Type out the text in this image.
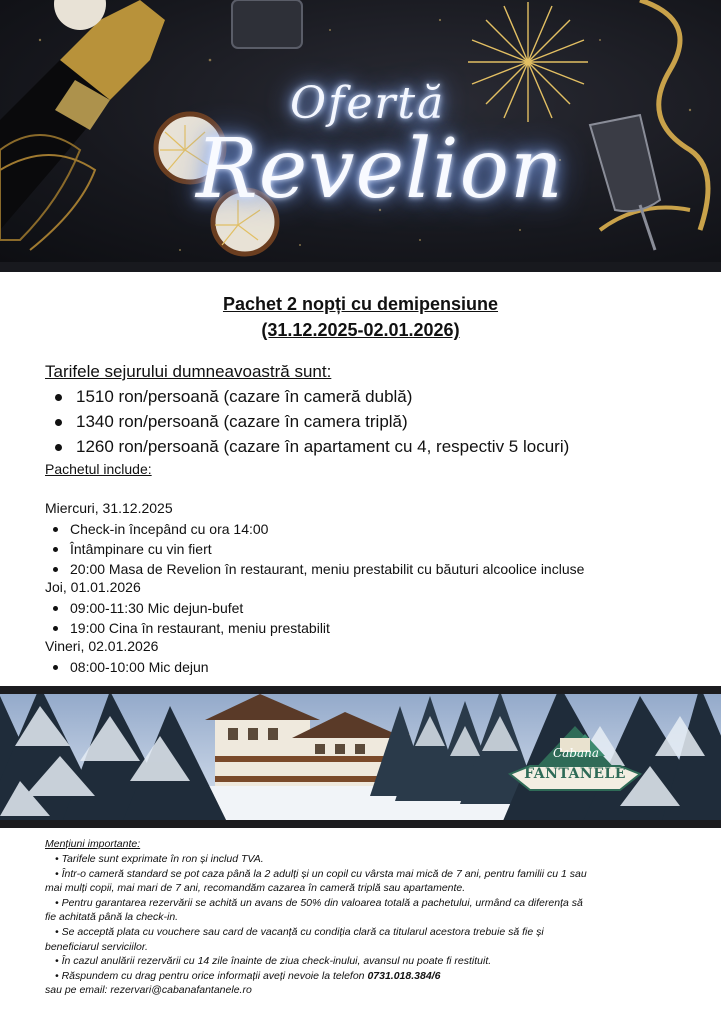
Ofertă
Revelion
Pachet 2 nopți cu demipensiune
(31.12.2025-02.01.2026)
Tarifele sejurului dumneavoastră sunt:
1510 ron/persoană (cazare în cameră dublă)
1340 ron/persoană (cazare în camera triplă)
1260 ron/persoană (cazare în apartament cu 4, respectiv 5 locuri)
Pachetul include:
Miercuri, 31.12.2025
Check-in începând cu ora 14:00
Întâmpinare cu vin fiert
20:00 Masa de Revelion în restaurant, meniu prestabilit cu băuturi alcoolice incluse
Joi, 01.01.2026
09:00-11:30 Mic dejun-bufet
19:00 Cina în restaurant, meniu prestabilit
Vineri, 02.01.2026
08:00-10:00 Mic dejun
Cabana
FÂNTÂNELE
Mențiuni importante:

• Tarifele sunt exprimate în ron și includ TVA.

• Într-o cameră standard se pot caza până la 2 adulți și un copil cu vârsta mai mică de 7 ani, pentru familii cu 1 sau

mai mulți copii, mai mari de 7 ani, recomandăm cazarea în cameră triplă sau apartamente.

• Pentru garantarea rezervării se achită un avans de 50% din valoarea totală a pachetului, urmând ca diferența să

fie achitată până la check-in.

• Se acceptă plata cu vouchere sau card de vacanță cu condiția clară ca titularul acestora trebuie să fie și

beneficiarul serviciilor.

• În cazul anulării rezervării cu 14 zile înainte de ziua check-inului, avansul nu poate fi restituit.

• Răspundem cu drag pentru orice informații aveți nevoie la telefon 0731.018.384/6

sau pe email: rezervari@cabanafantanele.ro
